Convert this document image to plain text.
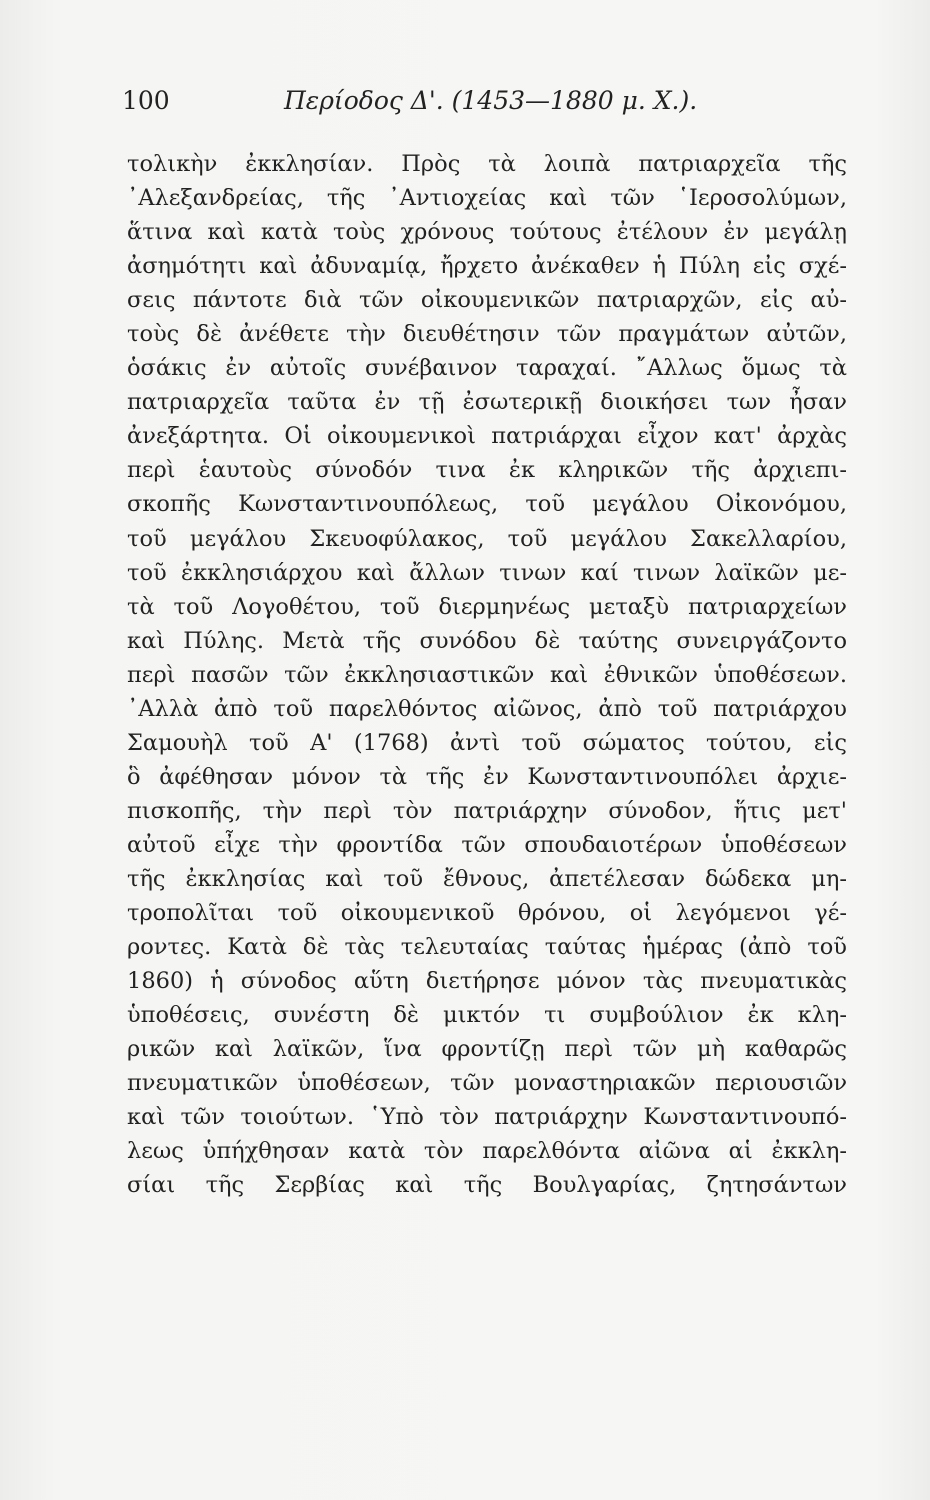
100	Περίοδος Δ'. (1453—1880 μ. Χ.).
τολικὴν ἐκκλησίαν. Πρὸς τὰ λοιπὰ πατριαρχεῖα τῆς
᾿Αλεξανδρείας, τῆς ᾿Αντιοχείας καὶ τῶν ῾Ιεροσολύμων,
ἅτινα καὶ κατὰ τοὺς χρόνους τούτους ἐτέλουν ἐν μεγάλῃ
ἀσημότητι καὶ ἀδυναμίᾳ, ἤρχετο ἀνέκαθεν ἡ Πύλη εἰς σχέ-
σεις πάντοτε διὰ τῶν οἰκουμενικῶν πατριαρχῶν, εἰς αὐ-
τοὺς δὲ ἀνέθετε τὴν διευθέτησιν τῶν πραγμάτων αὐτῶν,
ὁσάκις ἐν αὐτοῖς συνέβαινον ταραχαί. ῎Αλλως ὅμως τὰ
πατριαρχεῖα ταῦτα ἐν τῇ ἐσωτερικῇ διοικήσει των ἦσαν
ἀνεξάρτητα. Οἱ οἰκουμενικοὶ πατριάρχαι εἶχον κατ' ἀρχὰς
περὶ ἑαυτοὺς σύνοδόν τινα ἐκ κληρικῶν τῆς ἀρχιεπι-
σκοπῆς Κωνσταντινουπόλεως, τοῦ μεγάλου Οἰκονόμου,
τοῦ μεγάλου Σκευοφύλακος, τοῦ μεγάλου Σακελλαρίου,
τοῦ ἐκκλησιάρχου καὶ ἄλλων τινων καί τινων λαϊκῶν με-
τὰ τοῦ Λογοθέτου, τοῦ διερμηνέως μεταξὺ πατριαρχείων
καὶ Πύλης. Μετὰ τῆς συνόδου δὲ ταύτης συνειργάζοντο
περὶ πασῶν τῶν ἐκκλησιαστικῶν καὶ ἐθνικῶν ὑποθέσεων.
᾿Αλλὰ ἀπὸ τοῦ παρελθόντος αἰῶνος, ἀπὸ τοῦ πατριάρχου
Σαμουὴλ τοῦ Α' (1768) ἀντὶ τοῦ σώματος τούτου, εἰς
ὃ ἀφέθησαν μόνον τὰ τῆς ἐν Κωνσταντινουπόλει ἀρχιε-
πισκοπῆς, τὴν περὶ τὸν πατριάρχην σύνοδον, ἥτις μετ'
αὐτοῦ εἶχε τὴν φροντίδα τῶν σπουδαιοτέρων ὑποθέσεων
τῆς ἐκκλησίας καὶ τοῦ ἔθνους, ἀπετέλεσαν δώδεκα μη-
τροπολῖται τοῦ οἰκουμενικοῦ θρόνου, οἱ λεγόμενοι γέ-
ροντες. Κατὰ δὲ τὰς τελευταίας ταύτας ἡμέρας (ἀπὸ τοῦ
1860) ἡ σύνοδος αὕτη διετήρησε μόνον τὰς πνευματικὰς
ὑποθέσεις, συνέστη δὲ μικτόν τι συμβούλιον ἐκ κλη-
ρικῶν καὶ λαϊκῶν, ἵνα φροντίζῃ περὶ τῶν μὴ καθαρῶς
πνευματικῶν ὑποθέσεων, τῶν μοναστηριακῶν περιουσιῶν
καὶ τῶν τοιούτων. ῾Υπὸ τὸν πατριάρχην Κωνσταντινουπό-
λεως ὑπήχθησαν κατὰ τὸν παρελθόντα αἰῶνα αἱ ἐκκλη-
σίαι τῆς Σερβίας καὶ τῆς Βουλγαρίας, ζητησάντων
